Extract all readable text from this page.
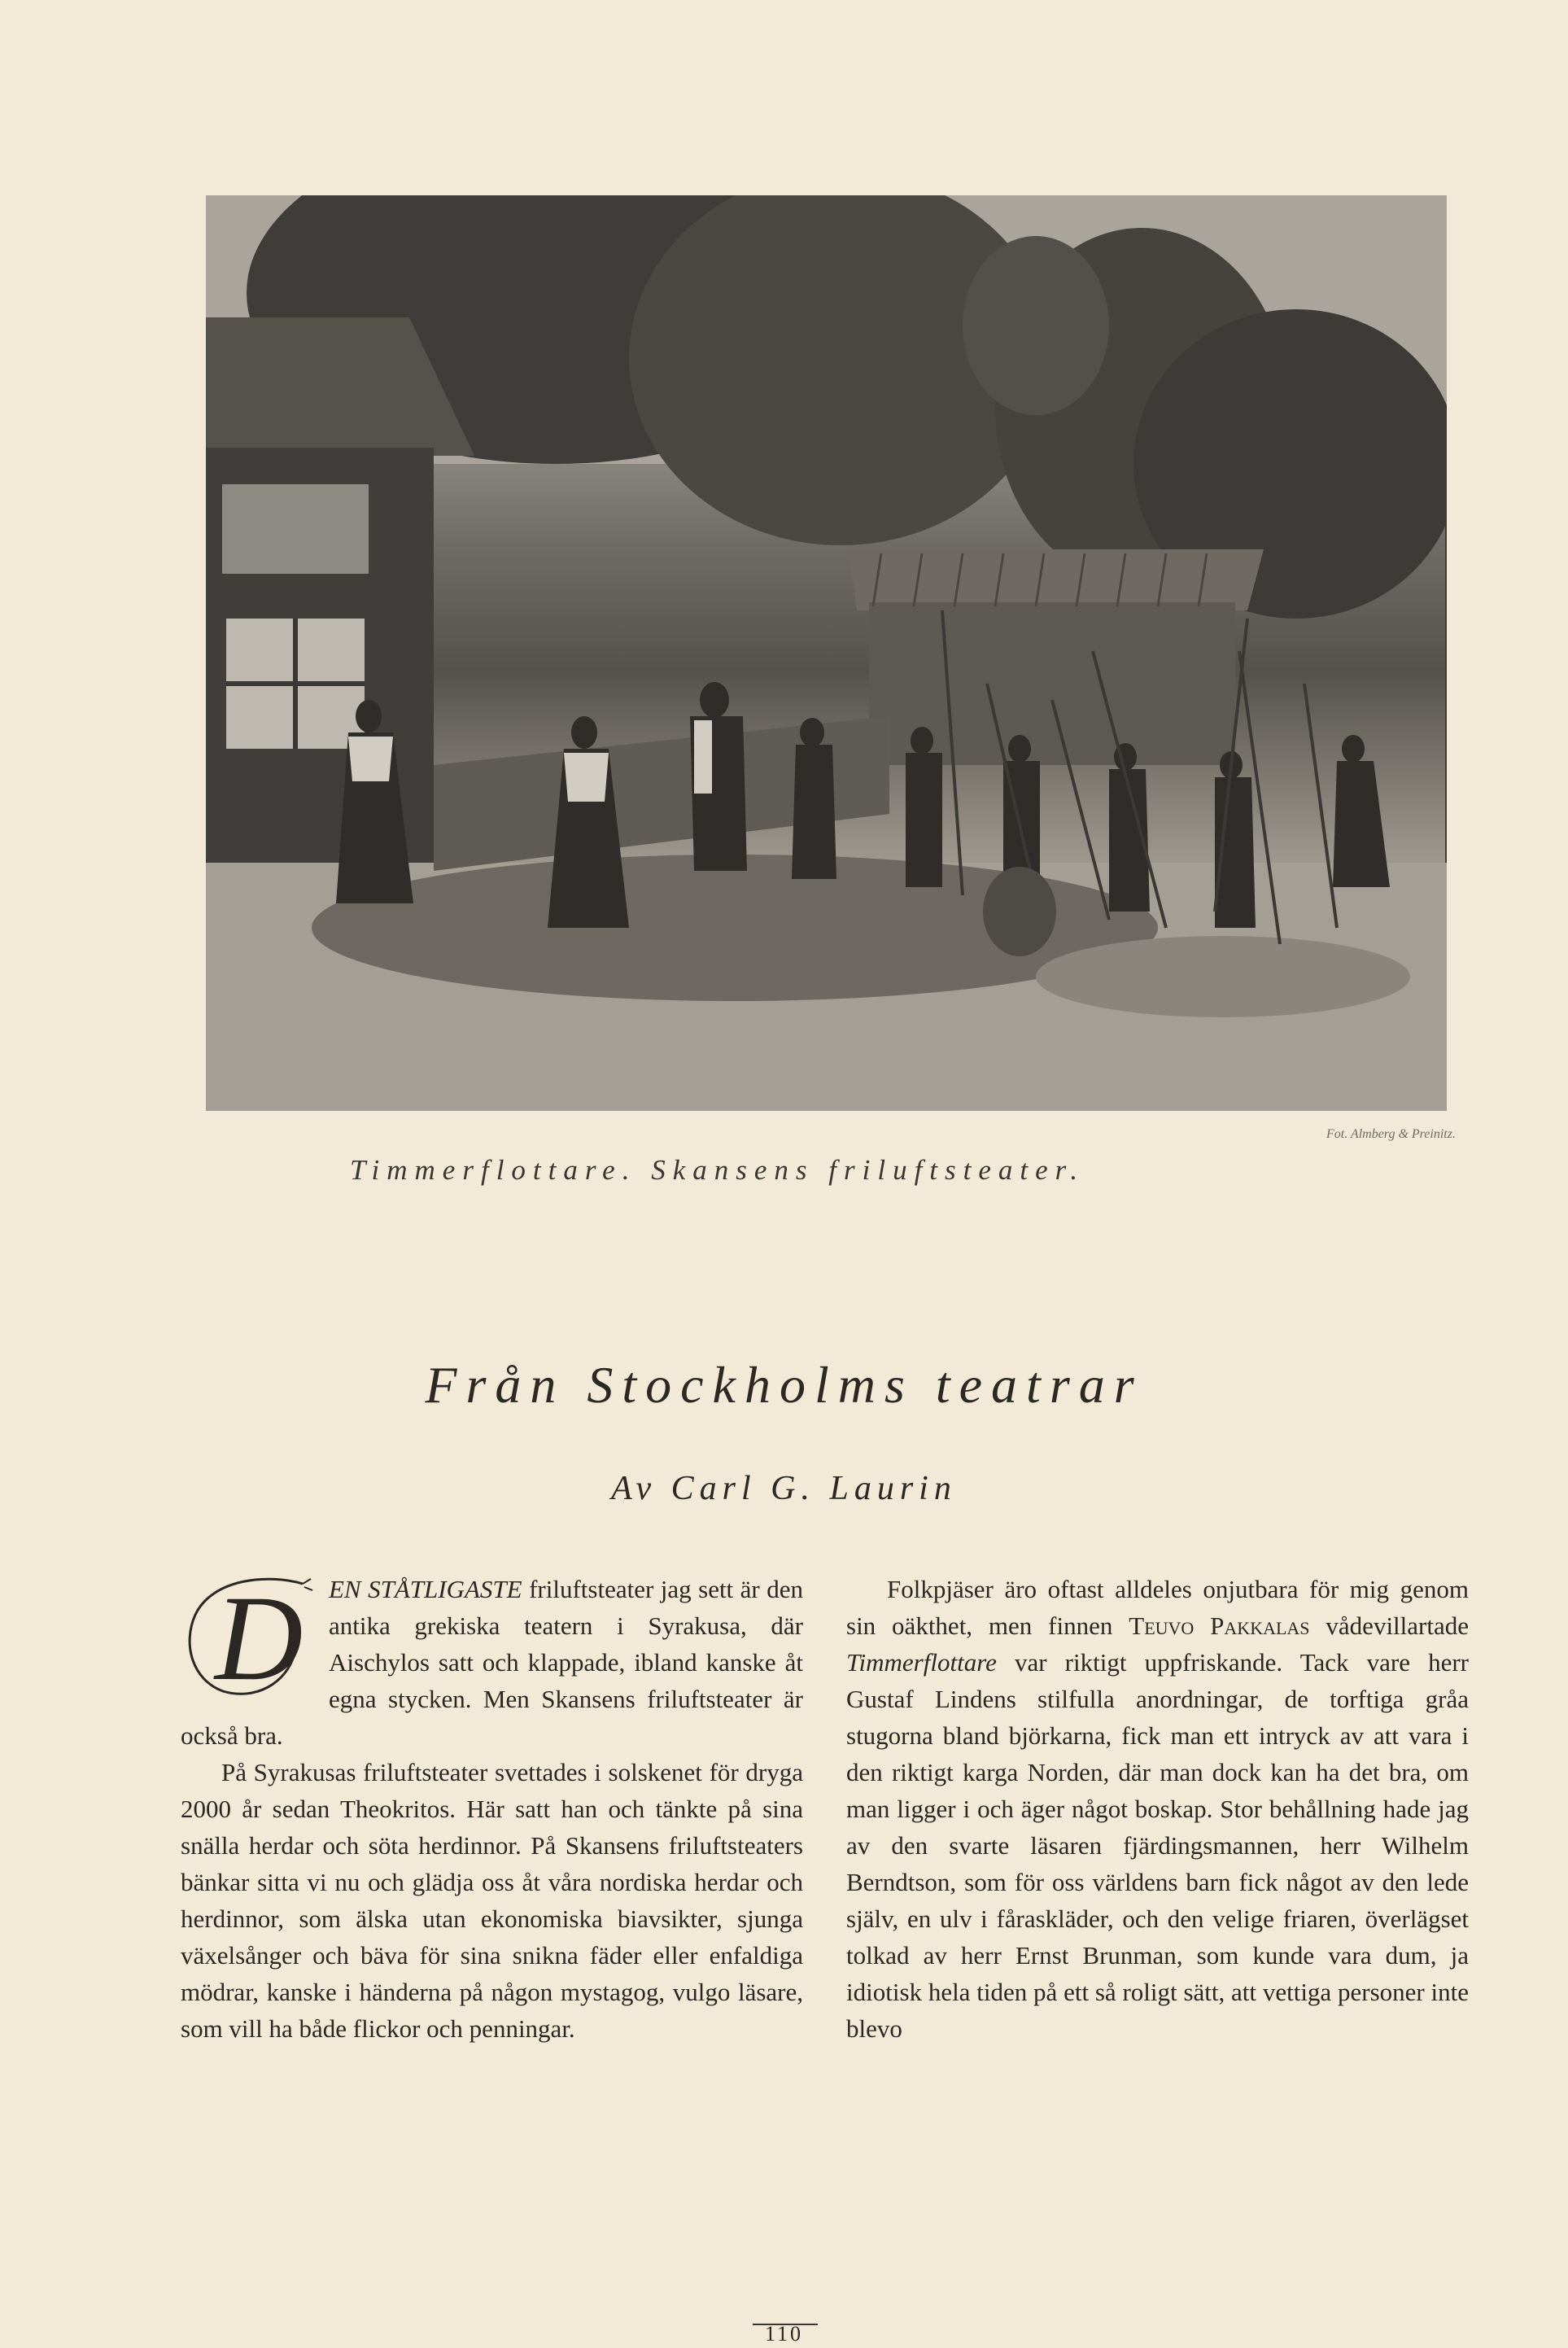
Fot. Almberg & Preinitz.
Timmerflottare. Skansens friluftsteater.
Från Stockholms teatrar
Av Carl G. Laurin

D EN STÅTLIGASTE friluftsteater jag sett är den antika grekiska teatern i Syrakusa, där Aischylos satt och klappade, ibland kanske åt egna stycken. Men Skansens friluftsteater är också bra.

På Syrakusas friluftsteater svettades i solskenet för dryga 2000 år sedan Theokritos. Här satt han och tänkte på sina snälla herdar och söta herdinnor. På Skansens friluftsteaters bänkar sitta vi nu och glädja oss åt våra nordiska herdar och herdinnor, som älska utan ekonomiska biavsikter, sjunga växelsånger och bäva för sina snikna fäder eller enfaldiga mödrar, kanske i händerna på någon mystagog, vulgo läsare, som vill ha både flickor och penningar.

Folkpjäser äro oftast alldeles onjutbara för mig genom sin oäkthet, men finnen Teuvo Pakkalas vådevillartade Timmerflottare var riktigt uppfriskande. Tack vare herr Gustaf Lindens stilfulla anordningar, de torftiga gråa stugorna bland björkarna, fick man ett intryck av att vara i den riktigt karga Norden, där man dock kan ha det bra, om man ligger i och äger något boskap. Stor behållning hade jag av den svarte läsaren fjärdingsmannen, herr Wilhelm Berndtson, som för oss världens barn fick något av den lede själv, en ulv i fåraskläder, och den velige friaren, överlägset tolkad av herr Ernst Brunman, som kunde vara dum, ja idiotisk hela tiden på ett så roligt sätt, att vettiga personer inte blevo

110
